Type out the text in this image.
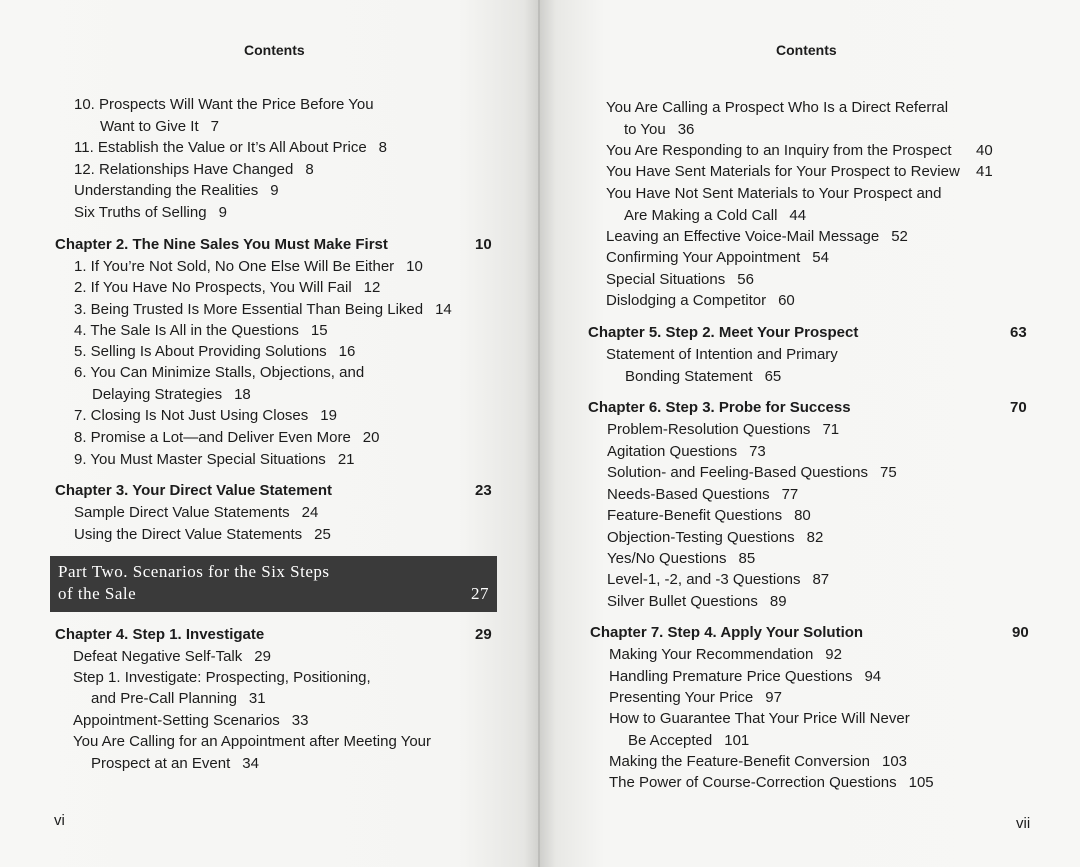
Contents
10. Prospects Will Want the Price Before You
Want to Give It 7
11. Establish the Value or It’s All About Price 8
12. Relationships Have Changed 8
Understanding the Realities 9
Six Truths of Selling 9
Chapter 2. The Nine Sales You Must Make First	10
1. If You’re Not Sold, No One Else Will Be Either 10
2. If You Have No Prospects, You Will Fail 12
3. Being Trusted Is More Essential Than Being Liked 14
4. The Sale Is All in the Questions 15
5. Selling Is About Providing Solutions 16
6. You Can Minimize Stalls, Objections, and
Delaying Strategies 18
7. Closing Is Not Just Using Closes 19
8. Promise a Lot—and Deliver Even More 20
9. You Must Master Special Situations 21
Chapter 3. Your Direct Value Statement	23
Sample Direct Value Statements 24
Using the Direct Value Statements 25
Part Two. Scenarios for the Six Steps
of the Sale	27
Chapter 4. Step 1. Investigate	29
Defeat Negative Self-Talk 29
Step 1. Investigate: Prospecting, Positioning,
and Pre-Call Planning 31
Appointment-Setting Scenarios 33
You Are Calling for an Appointment after Meeting Your
Prospect at an Event 34
vi
Contents
You Are Calling a Prospect Who Is a Direct Referral
to You 36
You Are Responding to an Inquiry from the Prospect 40
You Have Sent Materials for Your Prospect to Review 41
You Have Not Sent Materials to Your Prospect and
Are Making a Cold Call 44
Leaving an Effective Voice-Mail Message 52
Confirming Your Appointment 54
Special Situations 56
Dislodging a Competitor 60
Chapter 5. Step 2. Meet Your Prospect	63
Statement of Intention and Primary
Bonding Statement 65
Chapter 6. Step 3. Probe for Success	70
Problem-Resolution Questions 71
Agitation Questions 73
Solution- and Feeling-Based Questions 75
Needs-Based Questions 77
Feature-Benefit Questions 80
Objection-Testing Questions 82
Yes/No Questions 85
Level-1, -2, and -3 Questions 87
Silver Bullet Questions 89
Chapter 7. Step 4. Apply Your Solution	90
Making Your Recommendation 92
Handling Premature Price Questions 94
Presenting Your Price 97
How to Guarantee That Your Price Will Never
Be Accepted 101
Making the Feature-Benefit Conversion 103
The Power of Course-Correction Questions 105
vii
